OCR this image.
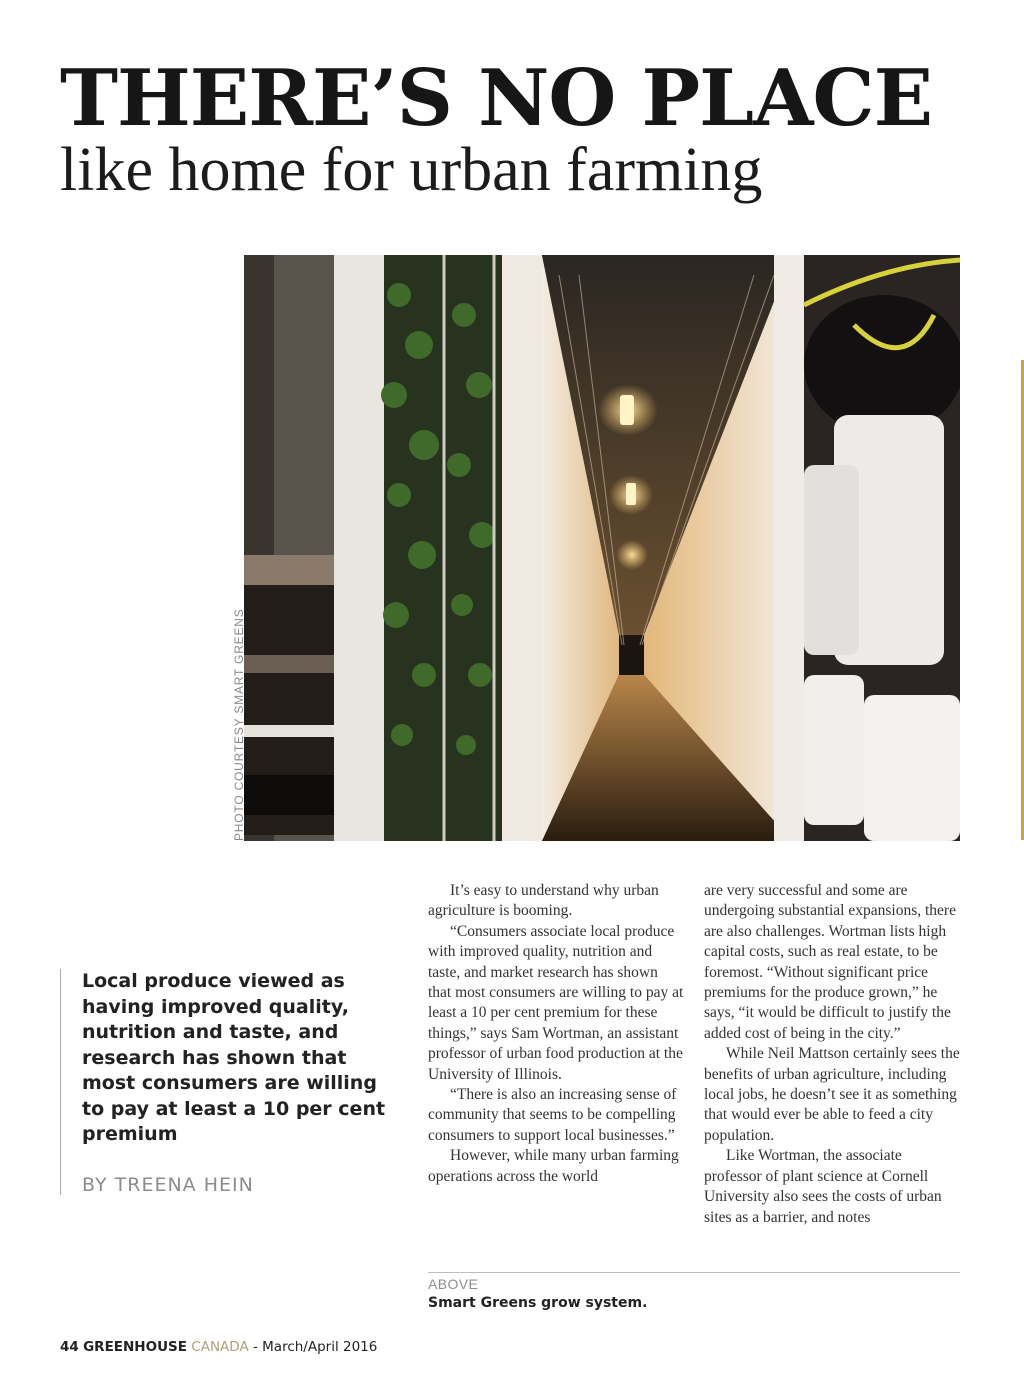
THERE’S NO PLACE
like home for urban farming
PHOTO COURTESY SMART GREENS

Local produce viewed as having improved quality, nutrition and taste, and research has shown that most consumers are willing to pay at least a 10 per cent premium

BY TREENA HEIN

It’s easy to understand why urban agriculture is booming.

“Consumers associate local produce with improved quality, nutrition and taste, and market research has shown that most consumers are willing to pay at least a 10 per cent premium for these things,” says Sam Wortman, an assistant professor of urban food production at the University of Illinois.

“There is also an increasing sense of community that seems to be compelling consumers to support local businesses.”

However, while many urban farming operations across the world

are very successful and some are undergoing substantial expansions, there are also challenges. Wortman lists high capital costs, such as real estate, to be foremost. “Without significant price premiums for the produce grown,” he says, “it would be difficult to justify the added cost of being in the city.”

While Neil Mattson certainly sees the benefits of urban agriculture, including local jobs, he doesn’t see it as something that would ever be able to feed a city population.

Like Wortman, the associate professor of plant science at Cornell University also sees the costs of urban sites as a barrier, and notes

ABOVE
Smart Greens grow system.
44 GREENHOUSE CANADA - March/April 2016
